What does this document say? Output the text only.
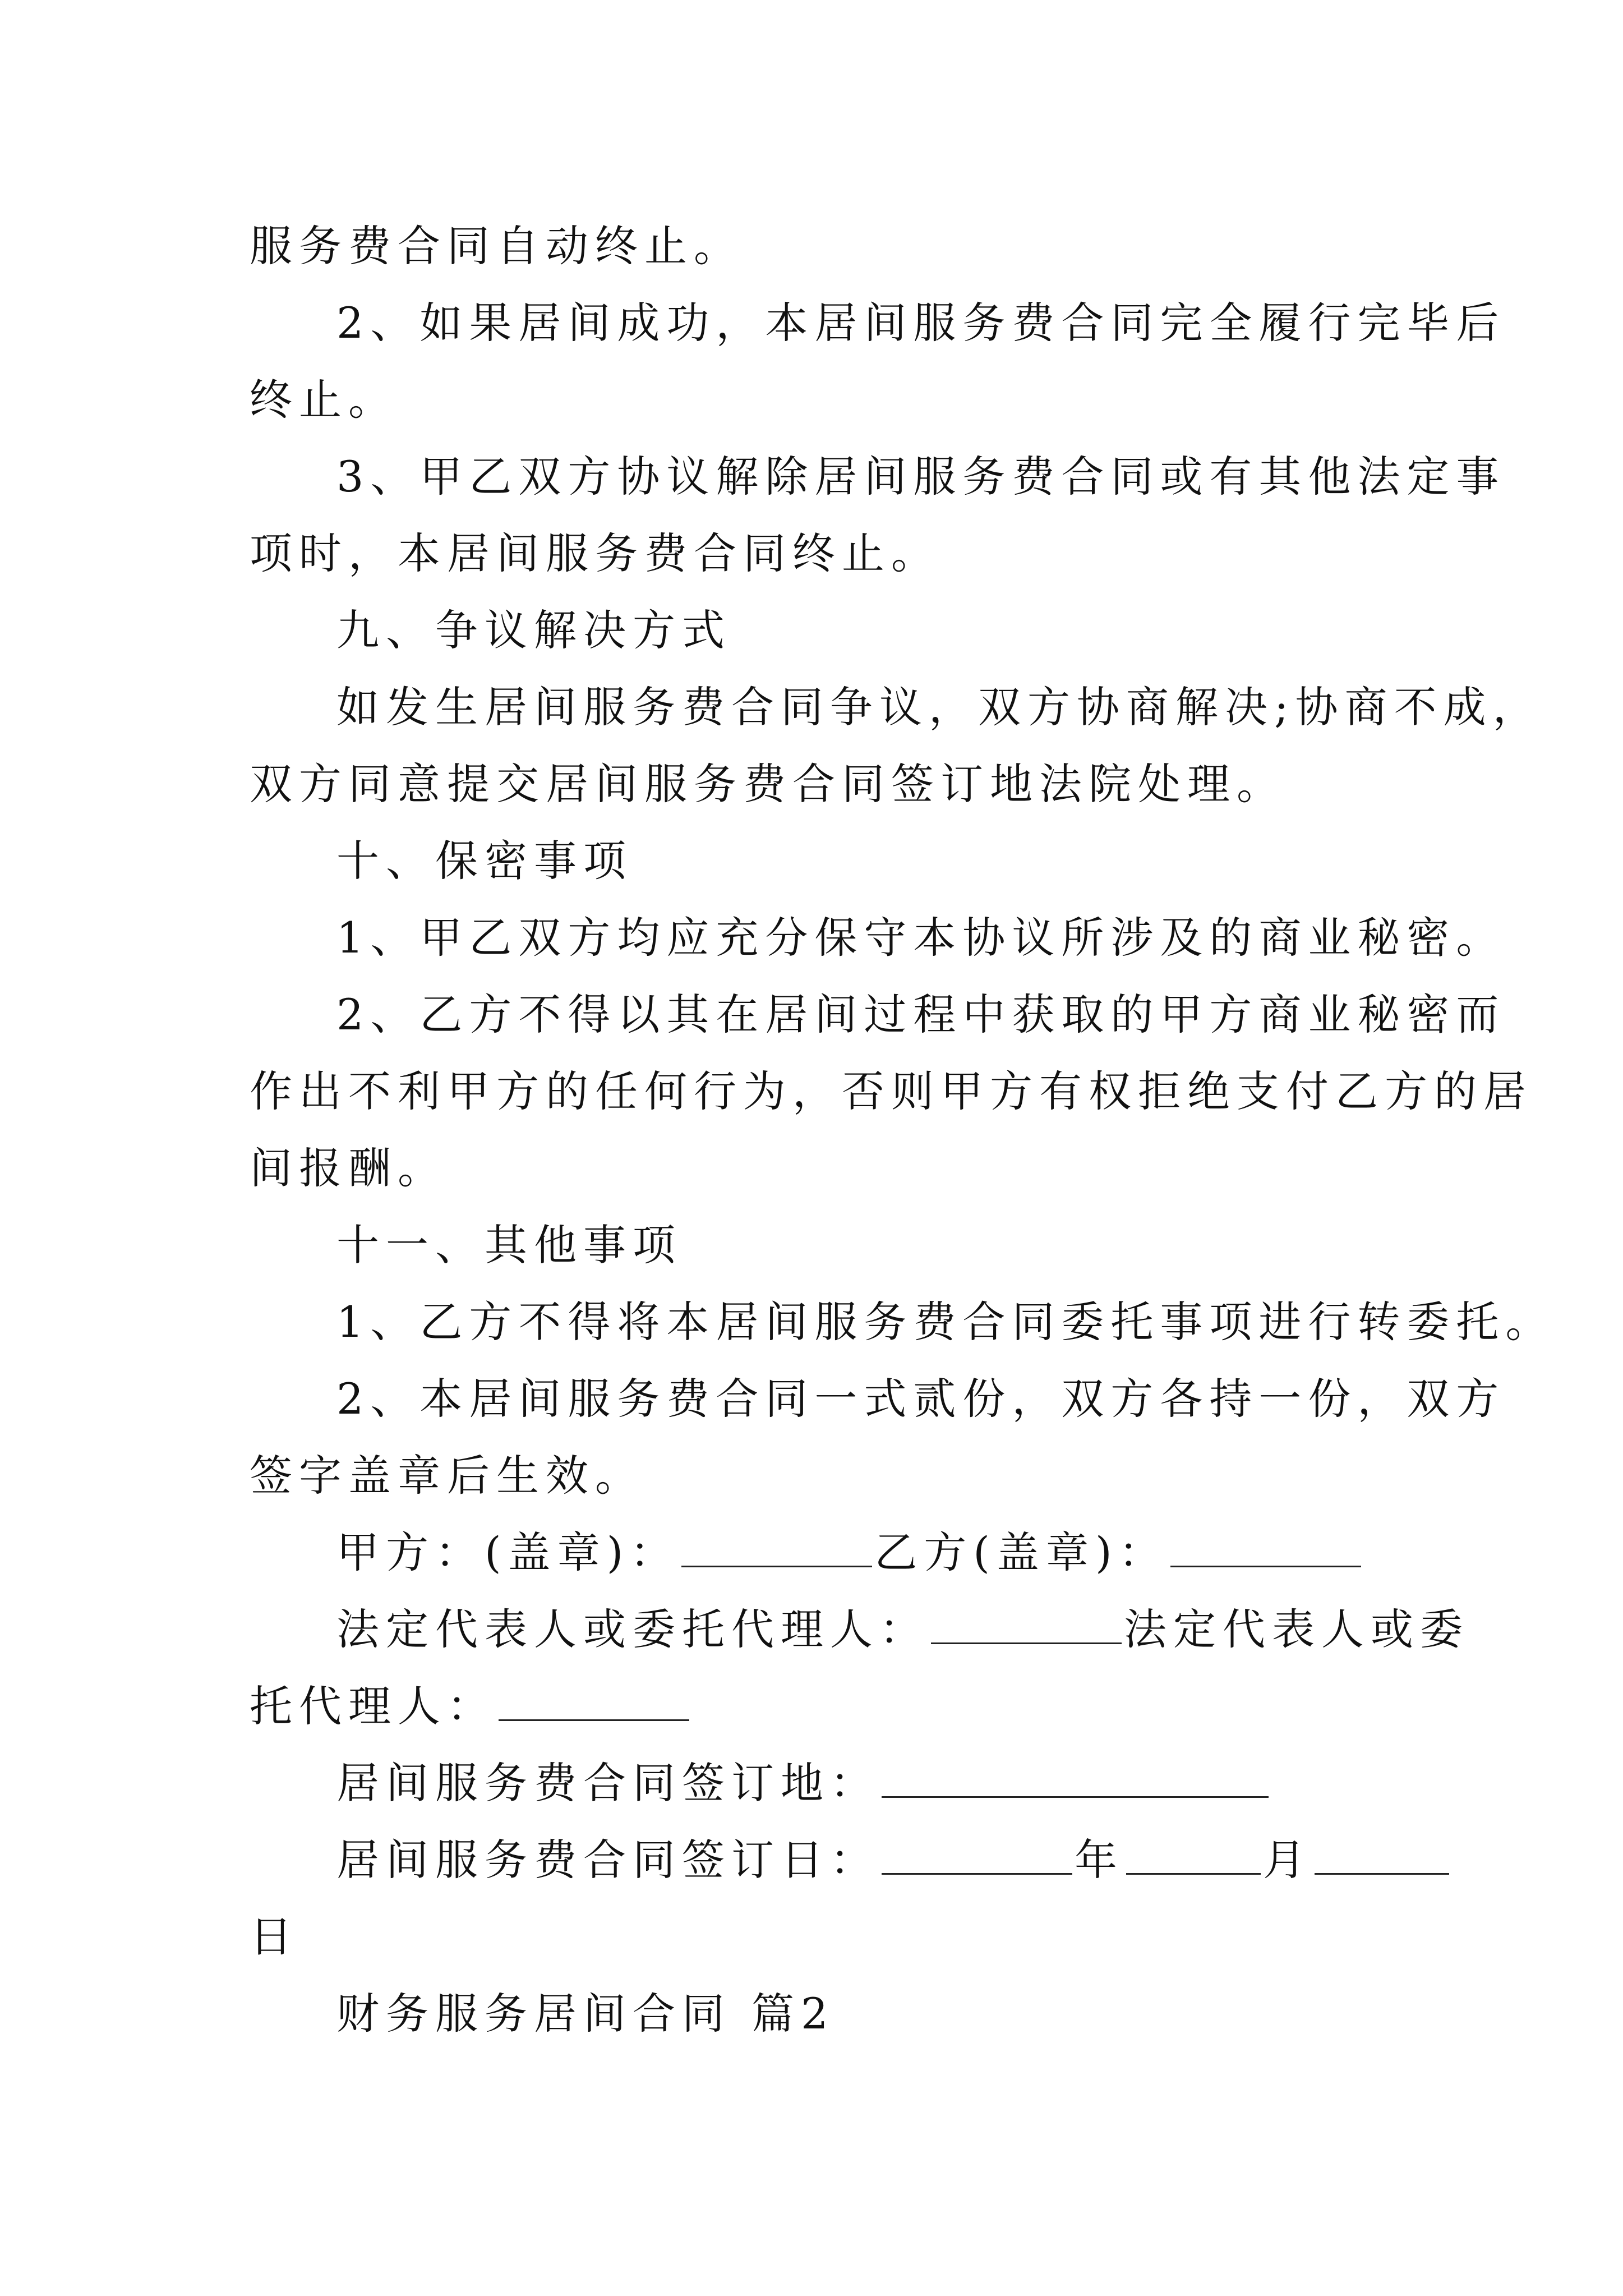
服务费合同自动终止。

2、如果居间成功，本居间服务费合同完全履行完毕后

终止。

3、甲乙双方协议解除居间服务费合同或有其他法定事

项时，本居间服务费合同终止。

九、争议解决方式

如发生居间服务费合同争议，双方协商解决;协商不成，

双方同意提交居间服务费合同签订地法院处理。

十、保密事项

1、甲乙双方均应充分保守本协议所涉及的商业秘密。

2、乙方不得以其在居间过程中获取的甲方商业秘密而

作出不利甲方的任何行为，否则甲方有权拒绝支付乙方的居

间报酬。

十一、其他事项

1、乙方不得将本居间服务费合同委托事项进行转委托。

2、本居间服务费合同一式贰份，双方各持一份，双方

签字盖章后生效。

甲方：(盖章)：	乙方(盖章)：

法定代表人或委托代理人：	法定代表人或委

托代理人：

居间服务费合同签订地：

居间服务费合同签订日：	年	月

日

财务服务居间合同 篇2
